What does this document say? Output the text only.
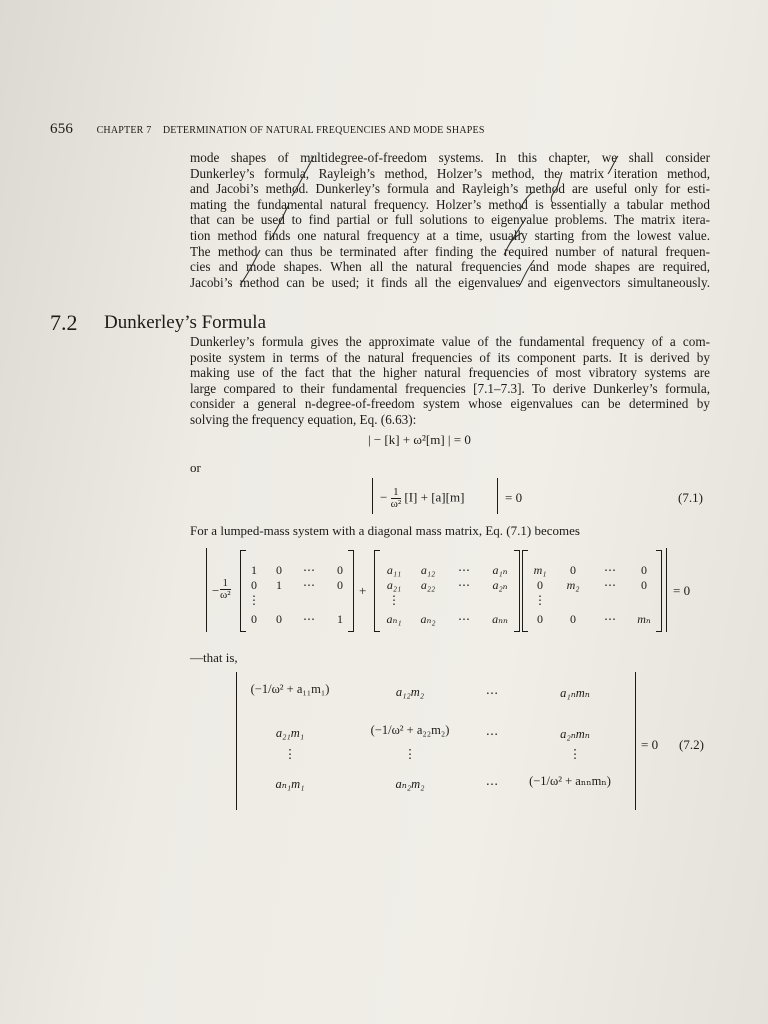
656 CHAPTER 7 DETERMINATION OF NATURAL FREQUENCIES AND MODE SHAPES
mode shapes of multidegree-of-freedom systems. In this chapter, we shall consider
Dunkerley’s formula, Rayleigh’s method, Holzer’s method, the matrix iteration method,
and Jacobi’s method. Dunkerley’s formula and Rayleigh’s method are useful only for esti-
mating the fundamental natural frequency. Holzer’s method is essentially a tabular method
that can be used to find partial or full solutions to eigenvalue problems. The matrix itera-
tion method finds one natural frequency at a time, usually starting from the lowest value.
The method can thus be terminated after finding the required number of natural frequen-
cies and mode shapes. When all the natural frequencies and mode shapes are required,
Jacobi’s method can be used; it finds all the eigenvalues and eigenvectors simultaneously.
7.2 Dunkerley’s Formula
Dunkerley’s formula gives the approximate value of the fundamental frequency of a com-
posite system in terms of the natural frequencies of its component parts. It is derived by
making use of the fact that the higher natural frequencies of most vibratory systems are
large compared to their fundamental frequencies [7.1–7.3]. To derive Dunkerley’s formula,
consider a general n-degree-of-freedom system whose eigenvalues can be determined by
solving the frequency equation, Eq. (6.63):
| − [k] + ω²[m] | = 0
or
− $\frac{1}{\text{ω²}} [I] + [a][m]$	= 0	(7.1)
For a lumped-mass system with a diagonal mass matrix, Eq. (7.1) becomes
− $\frac{1}{\text{ω²}}$
1	0	⋯	0
0	1	⋯	0
⋮
0	0	⋯	1
+
a₁₁	a₁₂	⋯	a₁ₙ
a₂₁	a₂₂	⋯	a₂ₙ
⋮
aₙ₁	aₙ₂	⋯	aₙₙ
m₁	0	⋯	0
0	m₂	⋯	0
⋮
0	0	⋯	mₙ
= 0
—that is,
(−1/ω² + a₁₁m₁)	a₁₂m₂	⋯	a₁ₙmₙ
a₂₁m₁	(−1/ω² + a₂₂m₂)	⋯	a₂ₙmₙ
⋮	⋮	⋮
aₙ₁m₁	aₙ₂m₂	⋯	(−1/ω² + aₙₙmₙ)
= 0 (7.2)
